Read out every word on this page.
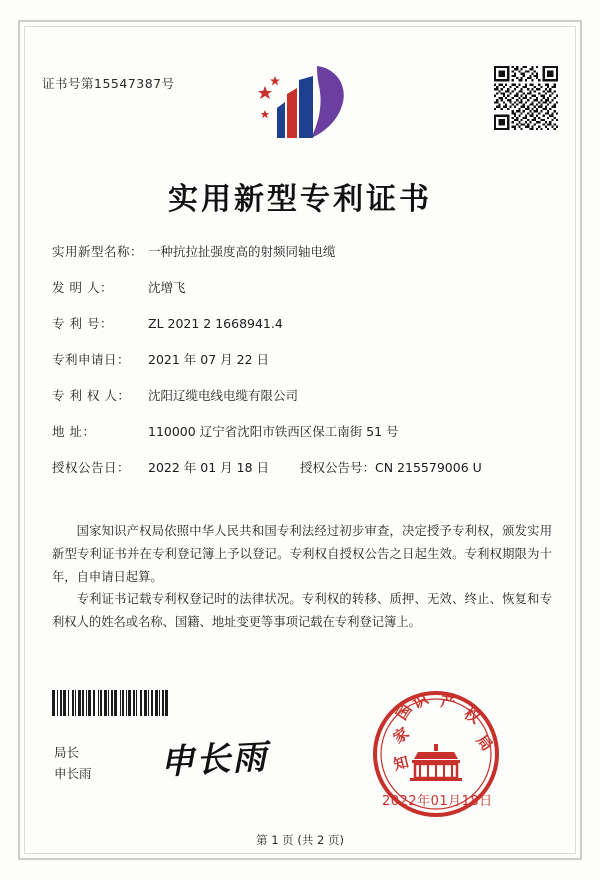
证书号第15547387号
实用新型专利证书
实用新型名称： 一种抗拉扯强度高的射频同轴电缆
发 明 人：	沈增飞
专 利 号：	ZL 2021 2 1668941.4
专利申请日： 2021 年 07 月 22 日
专 利 权 人： 沈阳辽缆电线电缆有限公司
地 址：	110000 辽宁省沈阳市铁西区保工南街 51 号
授权公告日： 2022 年 01 月 18 日 授权公告号：CN 215579006 U
国家知识产权局依照中华人民共和国专利法经过初步审查，决定授予专利权，颁发实用新型专利证书并在专利登记簿上予以登记。专利权自授权公告之日起生效。专利权期限为十年，自申请日起算。
专利证书记载专利权登记时的法律状况。专利权的转移、质押、无效、终止、恢复和专利权人的姓名或名称、国籍、地址变更等事项记载在专利登记簿上。
局长
申长雨 申长雨
国
家
知
识 产
权
局
2022年01月18日
第 1 页 (共 2 页)
